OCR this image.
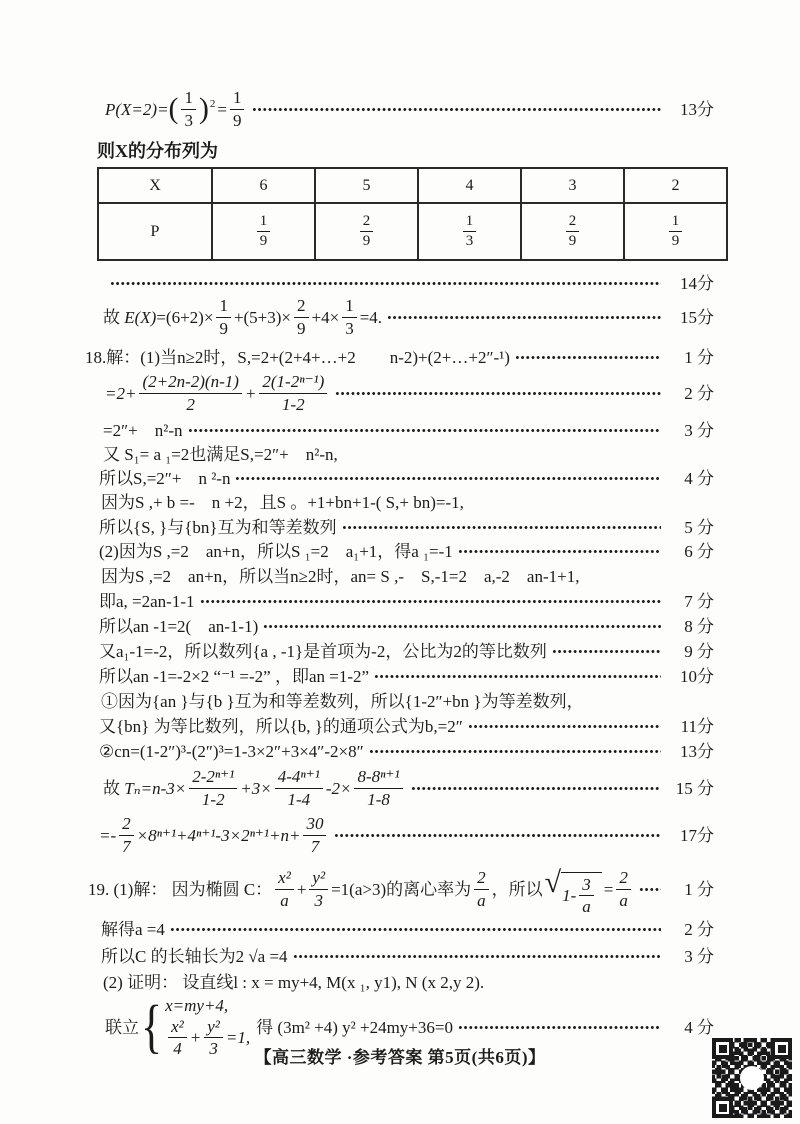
P(X=2)= ( $\frac{1}{3} )^2 = \frac{1}{9}$	13分
则X的分布列为
X	6	5	4	3	2
P	$\frac{1}{9}$	$\frac{2}{9}$	$\frac{1}{3}$	$\frac{2}{9}$	$\frac{1}{9}$
14分
故 $E(X) =(6+2)\times \frac{1}{9} +(5+3)\times \frac{2}{9} +4\times \frac{1}{3} =4$.	15分
18.解：(1)当n≥2时，S,=2+(2+4+…+2　　n-2)+(2+…+2″-¹)	1 分
$=2+ \frac{(2+2n-2)(n-1)}{2} + \frac{\text{2(1-2ⁿ⁻¹)}}{1-2}$	2 分
=2″+　n²-n	3 分
又 S₁= a ₁=2也满足S,=2″+　n²-n,
所以S,=2″+　n ²-n	4 分
因为S ,+ b =-　n +2，且S 。+1+bn+1-( S,+ bn)=-1,
所以{S, }与{bn}互为和等差数列	5 分
(2)因为S ,=2　an+n，所以S ₁=2　a₁+1，得a ₁=-1	6 分
因为S ,=2　an+n，所以当n≥2时，an= S ,-　S,-1=2　a,-2　an-1+1,
即a, =2an-1-1	7 分
所以an -1=2(　an-1-1)	8 分
又a₁-1=-2，所以数列{a , -1}是首项为-2，公比为2的等比数列	9 分
所以an -1=-2×2 “⁻¹ =-2” ，即an =1-2”	10分
①因为{an }与{b }互为和等差数列，所以{1-2″+bn }为等差数列，
又{bn} 为等比数列，所以{b, }的通项公式为b,=2″	11分
②cn=(1-2″)³-(2″)³=1-3×2″+3×4″-2×8″	13分
故 $T_n=n-3\times \frac{\text{2-2ⁿ⁺¹}}{1-2} +3\times \frac{\text{4-4ⁿ⁺¹}}{1-4} -2\times \frac{\text{8-8ⁿ⁺¹}}{1-8}$	15 分
=- $\frac{2}{7} \times 8^{n+1}+4^{n+1}-3\times 2^{n+1}+n+ \frac{30}{7}$	17分
19. (1)解： 因为椭圆 C： $\frac{\text{x²}}{a} + \frac{\text{y²}}{3} =1(a>3)$的离心率为 $\frac{2}{a}$ ，所以 √ $1- \frac{3}{a} = \frac{2}{a}$	1 分
解得a =4	2 分
所以C 的长轴长为2 √a =4	3 分
(2) 证明： 设直线l : x = my+4, M(x ₁, y1), N (x 2,y 2).
联立 { x=my+4,
$\frac{\text{x²}}{4} + \frac{\text{y²}}{3} =1$,
得 (3m² +4) y² +24my+36=0	4 分
【高三数学 ·参考答案 第5页(共6页)】
